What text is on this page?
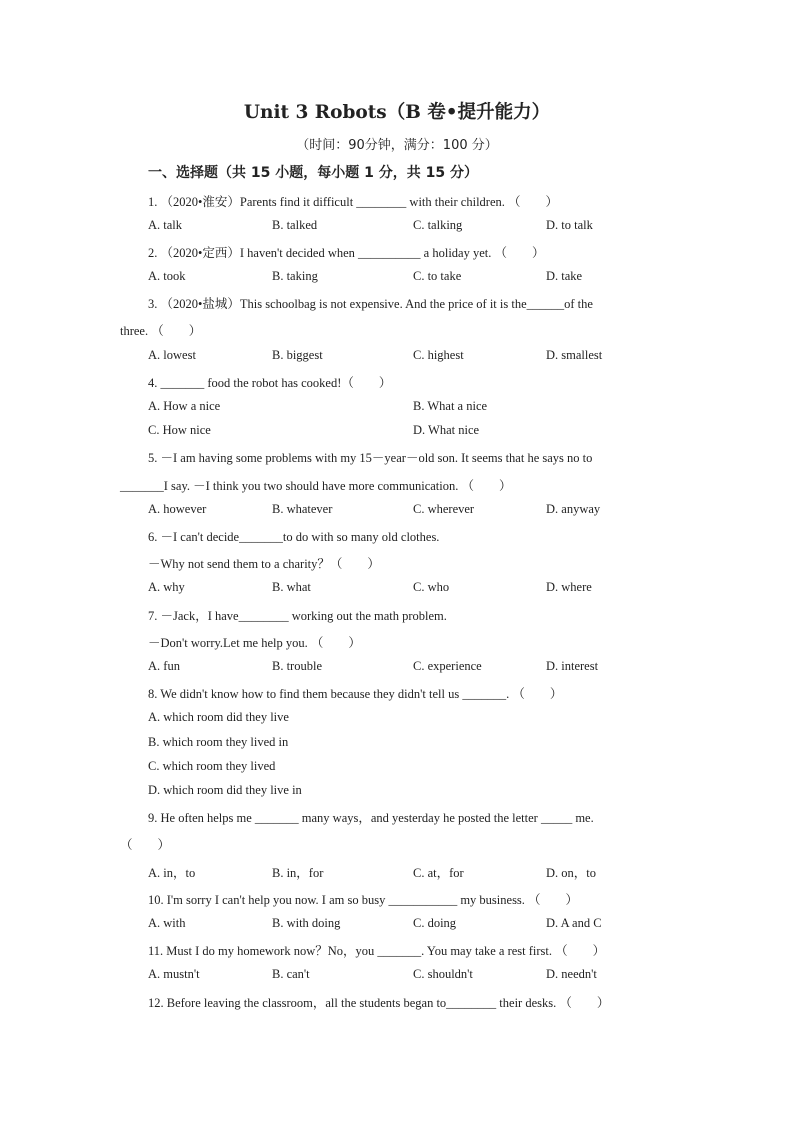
Unit 3 Robots（B 卷•提升能力）
（时间：90分钟，满分：100 分）
一、选择题（共 15 小题，每小题 1 分，共 15 分）
1. （2020•淮安）Parents find it difficult ________ with their children. （　　）
A. talk	B. talked	C. talking	D. to talk
2. （2020•定西）I haven't decided when __________ a holiday yet. （　　）
A. took	B. taking	C. to take	D. take
3. （2020•盐城）This schoolbag is not expensive. And the price of it is the______of the
three. （　　）
A. lowest	B. biggest	C. highest	D. smallest
4. _______ food the robot has cooked!（　　）
A. How a nice	B. What a nice
C. How nice	D. What nice
5. －I am having some problems with my 15－year－old son. It seems that he says no to
_______I say. －I think you two should have more communication. （　　）
A. however	B. whatever	C. wherever	D. anyway
6. －I can't decide_______to do with so many old clothes.
－Why not send them to a charity？（　　）
A. why	B. what	C. who	D. where
7. －Jack，I have________ working out the math problem.
－Don't worry.Let me help you. （　　）
A. fun	B. trouble	C. experience	D. interest
8. We didn't know how to find them because they didn't tell us _______. （　　）
A. which room did they live
B. which room they lived in
C. which room they lived
D. which room did they live in
9. He often helps me _______ many ways，and yesterday he posted the letter _____ me.
（　　）
A. in，to	B. in，for	C. at，for	D. on，to
10. I'm sorry I can't help you now. I am so busy ___________ my business. （　　）
A. with	B. with doing	C. doing	D. A and C
11. Must I do my homework now？No，you _______. You may take a rest first. （　　）
A. mustn't	B. can't	C. shouldn't	D. needn't
12. Before leaving the classroom，all the students began to________ their desks. （　　）
